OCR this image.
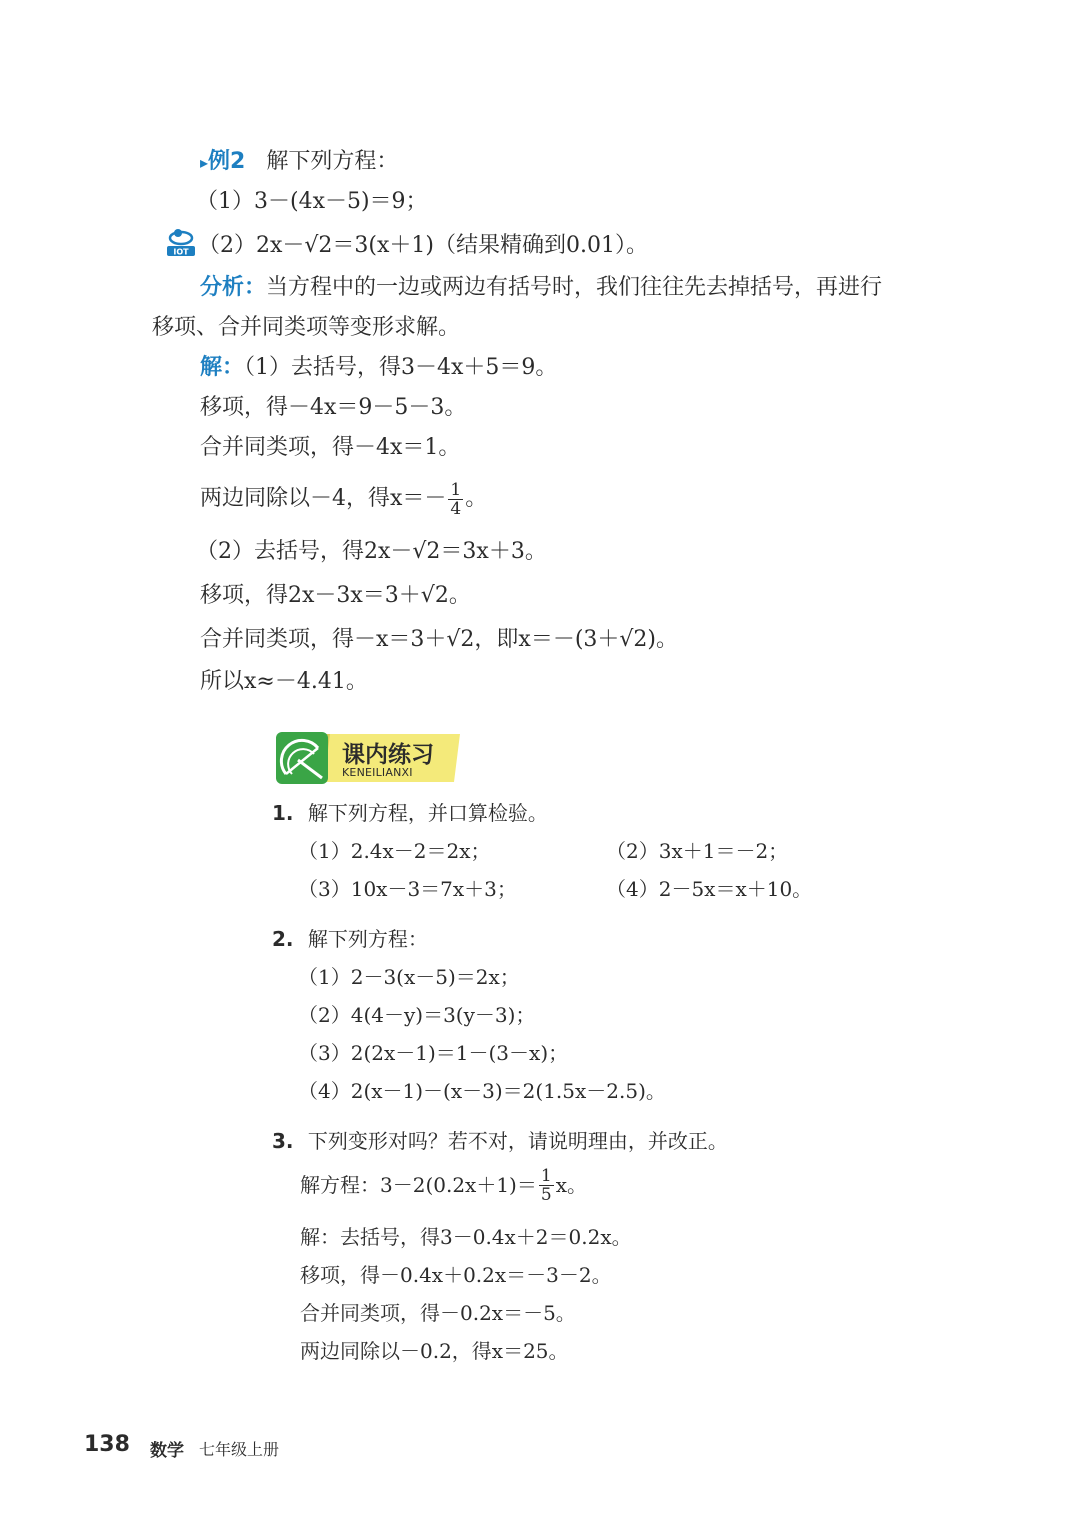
▸例2 解下列方程：
（1）3－(4x－5)＝9；
IOT （2）2x－√2＝3(x＋1)（结果精确到0.01）。
分析：当方程中的一边或两边有括号时，我们往往先去掉括号，再进行
移项、合并同类项等变形求解。
解：（1）去括号，得3－4x＋5＝9。
移项，得－4x＝9－5－3。
合并同类项，得－4x＝1。
两边同除以－4，得$x=- \frac{1}{4}$ 。
（2）去括号，得2x－√2＝3x＋3。
移项，得2x－3x＝3＋√2。
合并同类项，得－x＝3＋√2，即x＝－(3＋√2)。
所以x≈－4.41。
课内练习
KENEILIANXI
1. 解下列方程，并口算检验。
（1）2.4x－2＝2x；	（2）3x＋1＝－2；
（3）10x－3＝7x＋3；	（4）2－5x＝x＋10。
2. 解下列方程：
（1）2－3(x－5)＝2x；
（2）4(4－y)＝3(y－3)；
（3）2(2x－1)＝1－(3－x)；
（4）2(x－1)－(x－3)＝2(1.5x－2.5)。
3. 下列变形对吗？若不对，请说明理由，并改正。
解方程：$3-2(0.2x+1)= \frac{1}{5}$ x。
解：去括号，得3－0.4x＋2＝0.2x。
移项，得－0.4x＋0.2x＝－3－2。
合并同类项，得－0.2x＝－5。
两边同除以－0.2，得x＝25。
138 数学 七年级上册
